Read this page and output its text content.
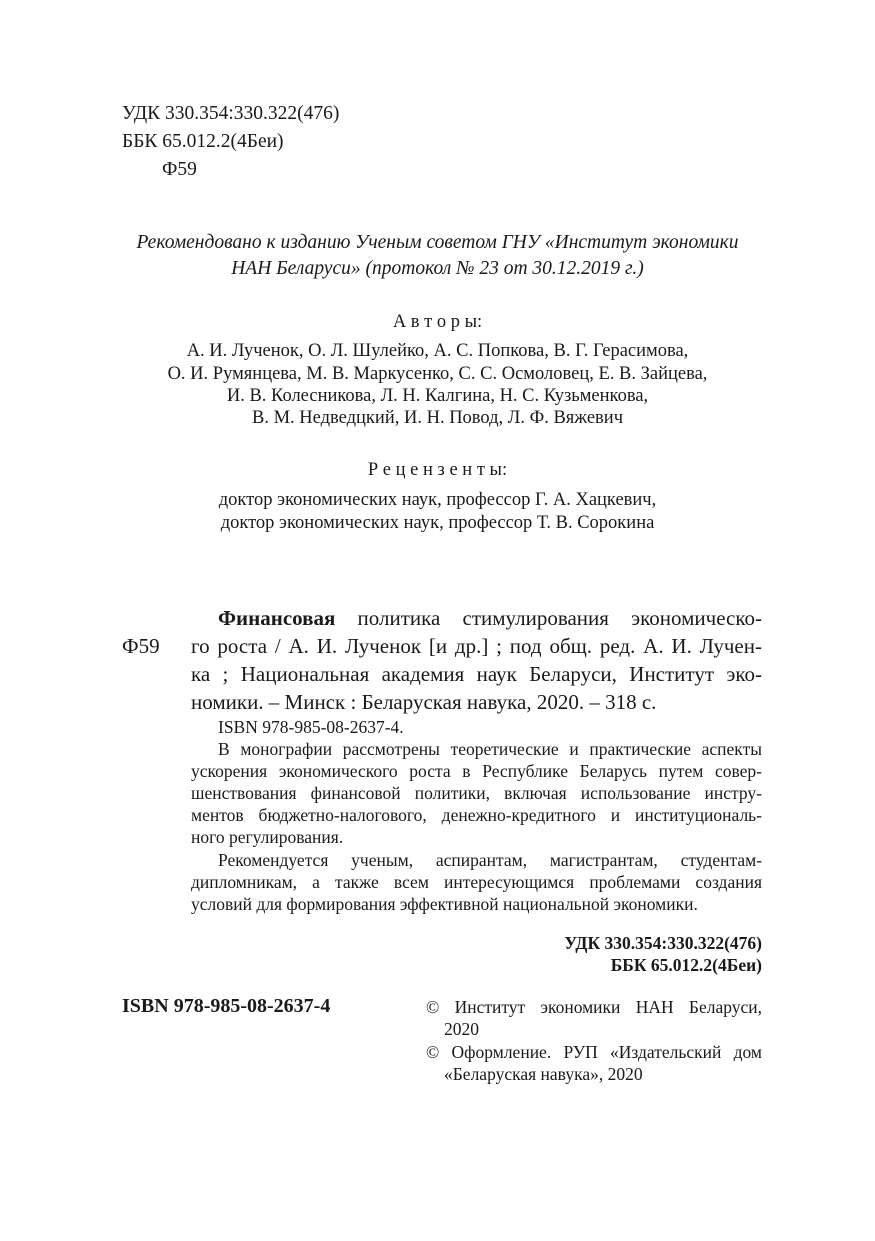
УДК 330.354:330.322(476)
ББК 65.012.2(4Беи)
Ф59
Рекомендовано к изданию Ученым советом ГНУ «Институт экономики
НАН Беларуси» (протокол № 23 от 30.12.2019 г.)
А в т о р ы:
А. И. Лученок, О. Л. Шулейко, А. С. Попкова, В. Г. Герасимова,
О. И. Румянцева, М. В. Маркусенко, С. С. Осмоловец, Е. В. Зайцева,
И. В. Колесникова, Л. Н. Калгина, Н. С. Кузьменкова,
В. М. Недведцкий, И. Н. Повод, Л. Ф. Вяжевич
Р е ц е н з е н т ы:
доктор экономических наук, профессор Г. А. Хацкевич,
доктор экономических наук, профессор Т. В. Сорокина
Ф59
Финансовая политика стимулирования экономическо-
го роста / А. И. Лученок [и др.] ; под общ. ред. А. И. Лучен-
ка ; Национальная академия наук Беларуси, Институт эко-
номики. – Минск : Беларуская навука, 2020. – 318 с.
ISBN 978-985-08-2637-4.
В монографии рассмотрены теоретические и практические аспекты
ускорения экономического роста в Республике Беларусь путем совер-
шенствования финансовой политики, включая использование инстру-
ментов бюджетно-налогового, денежно-кредитного и институциональ-
ного регулирования.
Рекомендуется ученым, аспирантам, магистрантам, студентам-
дипломникам, а также всем интересующимся проблемами создания
условий для формирования эффективной национальной экономики.
УДК 330.354:330.322(476)
ББК 65.012.2(4Беи)
ISBN 978-985-08-2637-4	© Институт экономики НАН Беларуси,
2020
© Оформление. РУП «Издательский дом
«Беларуская навука», 2020
